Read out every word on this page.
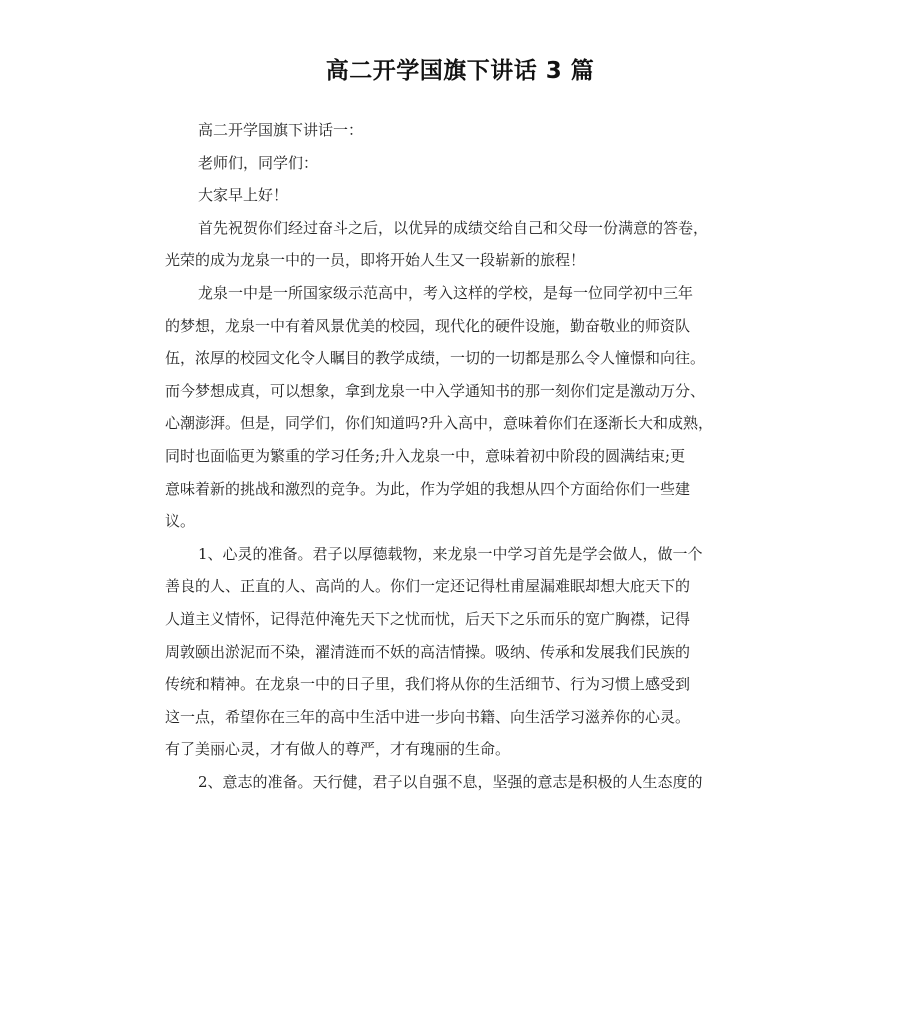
高二开学国旗下讲话 3 篇
高二开学国旗下讲话一：
老师们，同学们：
大家早上好！
首先祝贺你们经过奋斗之后，以优异的成绩交给自己和父母一份满意的答卷，
光荣的成为龙泉一中的一员，即将开始人生又一段崭新的旅程！
龙泉一中是一所国家级示范高中，考入这样的学校，是每一位同学初中三年
的梦想，龙泉一中有着风景优美的校园，现代化的硬件设施，勤奋敬业的师资队
伍，浓厚的校园文化令人瞩目的教学成绩，一切的一切都是那么令人憧憬和向往。
而今梦想成真，可以想象，拿到龙泉一中入学通知书的那一刻你们定是激动万分、
心潮澎湃。但是，同学们，你们知道吗?升入高中，意味着你们在逐渐长大和成熟，
同时也面临更为繁重的学习任务;升入龙泉一中，意味着初中阶段的圆满结束;更
意味着新的挑战和激烈的竞争。为此，作为学姐的我想从四个方面给你们一些建
议。
1、心灵的准备。君子以厚德载物，来龙泉一中学习首先是学会做人，做一个
善良的人、正直的人、高尚的人。你们一定还记得杜甫屋漏难眠却想大庇天下的
人道主义情怀，记得范仲淹先天下之忧而忧，后天下之乐而乐的宽广胸襟，记得
周敦颐出淤泥而不染，濯清涟而不妖的高洁情操。吸纳、传承和发展我们民族的
传统和精神。在龙泉一中的日子里，我们将从你的生活细节、行为习惯上感受到
这一点，希望你在三年的高中生活中进一步向书籍、向生活学习滋养你的心灵。
有了美丽心灵，才有做人的尊严，才有瑰丽的生命。
2、意志的准备。天行健，君子以自强不息，坚强的意志是积极的人生态度的
